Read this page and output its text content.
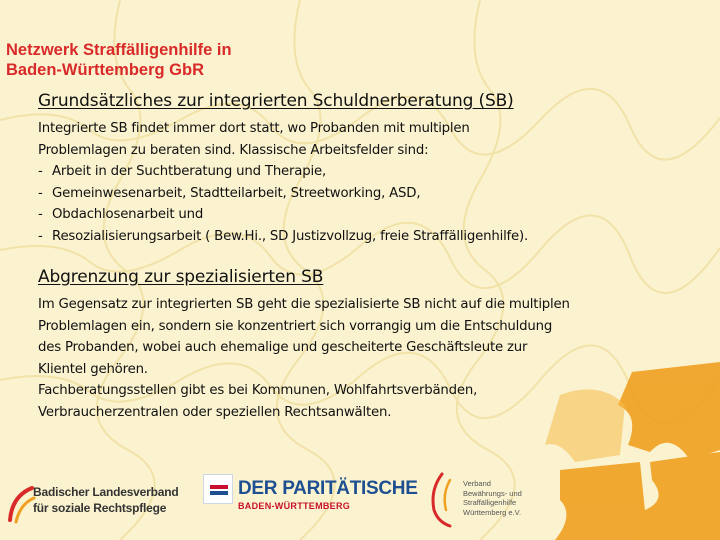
Netzwerk Straffälligenhilfe in
Baden-Württemberg GbR
Grundsätzliches zur integrierten Schuldnerberatung (SB)
Integrierte SB findet immer dort statt, wo Probanden mit multiplen
Problemlagen zu beraten sind. Klassische Arbeitsfelder sind:
- Arbeit in der Suchtberatung und Therapie,
- Gemeinwesenarbeit, Stadtteilarbeit, Streetworking, ASD,
- Obdachlosenarbeit und
- Resozialisierungsarbeit ( Bew.Hi., SD Justizvollzug, freie Straffälligenhilfe).
Abgrenzung zur spezialisierten SB
Im Gegensatz zur integrierten SB geht die spezialisierte SB nicht auf die multiplen
Problemlagen ein, sondern sie konzentriert sich vorrangig um die Entschuldung
des Probanden, wobei auch ehemalige und gescheiterte Geschäftsleute zur
Klientel gehören.
Fachberatungsstellen gibt es bei Kommunen, Wohlfahrtsverbänden,
Verbraucherzentralen oder speziellen Rechtsanwälten.
Badischer Landesverband
für soziale Rechtspflege
DER PARITÄTISCHE
BADEN-WÜRTTEMBERG
Verband
Bewährungs- und
Straffälligenhilfe
Württemberg e.V.
